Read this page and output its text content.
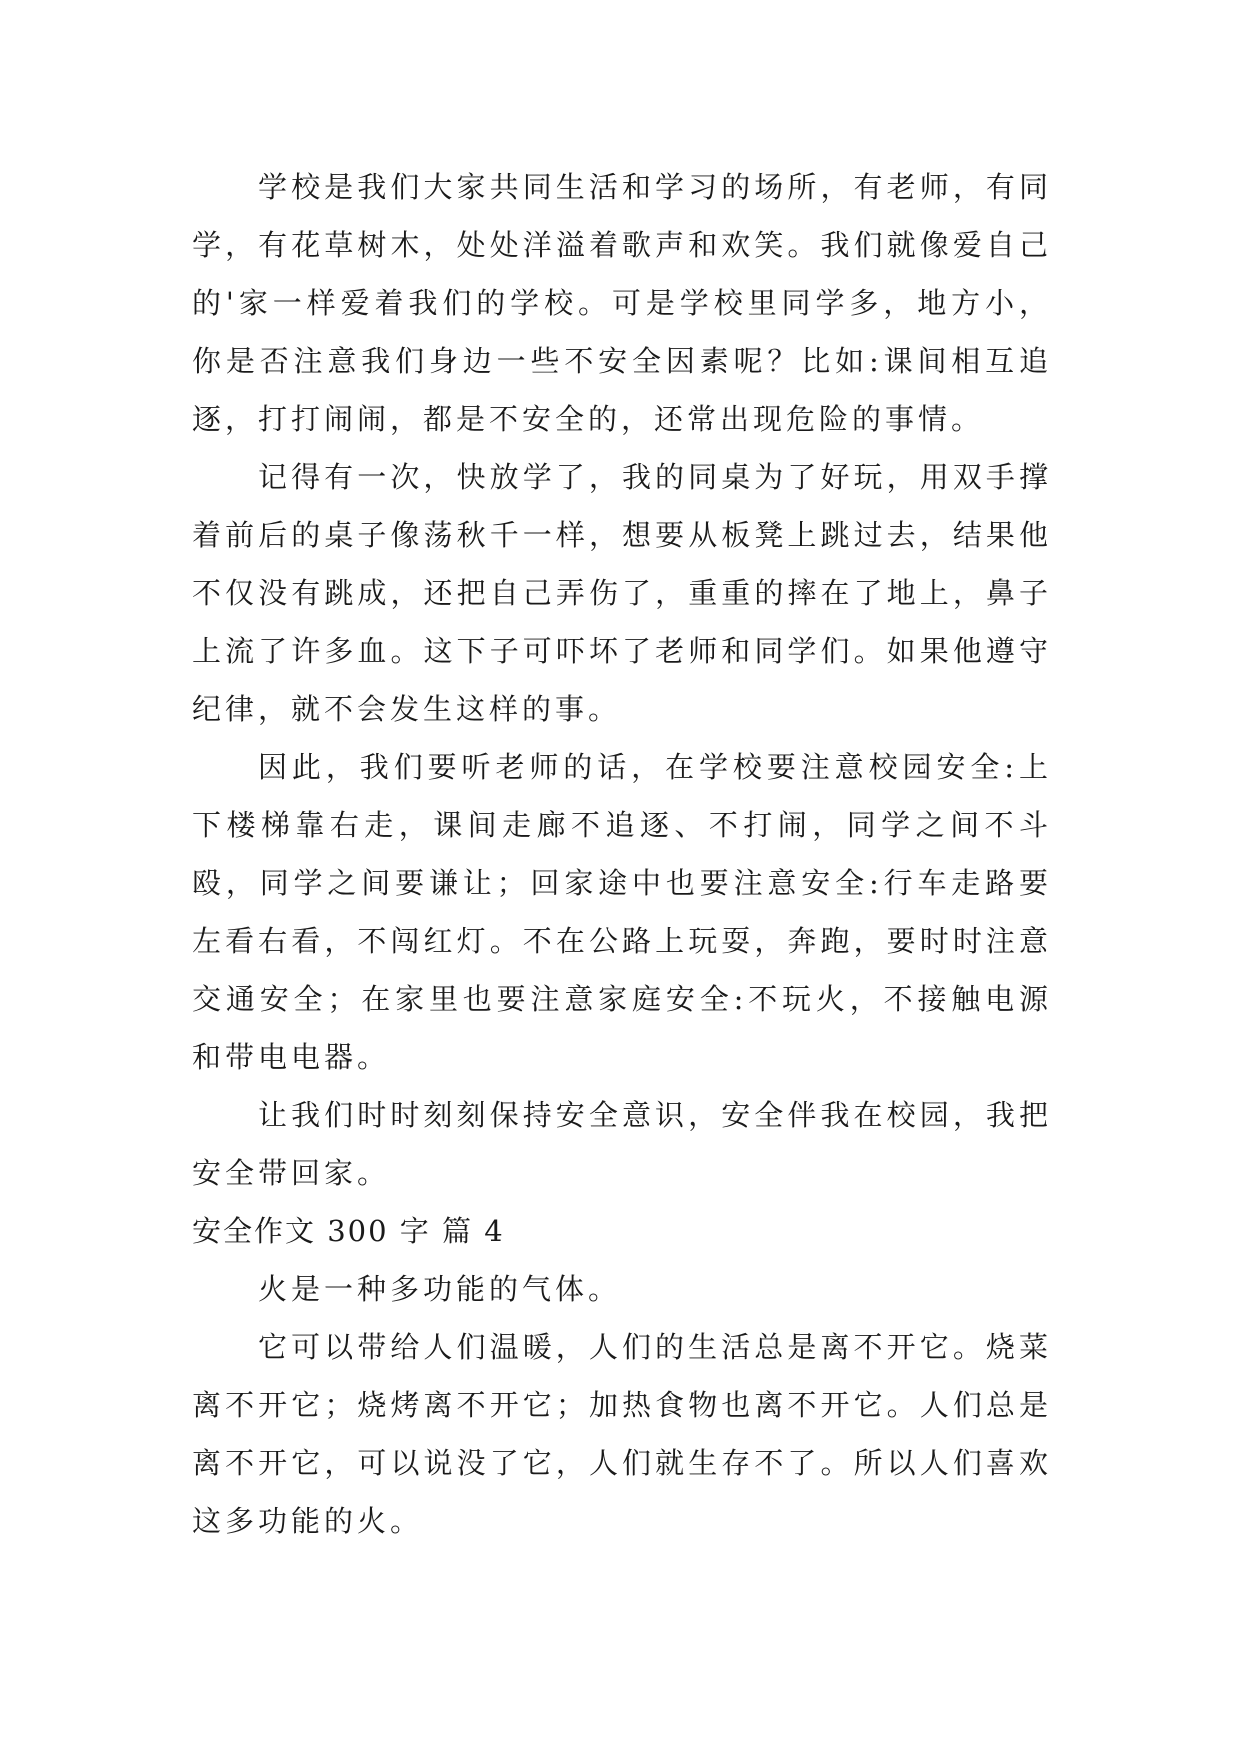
学校是我们大家共同生活和学习的场所，有老师，有同学，有花草树木，处处洋溢着歌声和欢笑。我们就像爱自己的'家一样爱着我们的学校。可是学校里同学多，地方小，你是否注意我们身边一些不安全因素呢？比如:课间相互追逐，打打闹闹，都是不安全的，还常出现危险的事情。

记得有一次，快放学了，我的同桌为了好玩，用双手撑着前后的桌子像荡秋千一样，想要从板凳上跳过去，结果他不仅没有跳成，还把自己弄伤了，重重的摔在了地上，鼻子上流了许多血。这下子可吓坏了老师和同学们。如果他遵守纪律，就不会发生这样的事。

因此，我们要听老师的话，在学校要注意校园安全:上下楼梯靠右走，课间走廊不追逐、不打闹，同学之间不斗殴，同学之间要谦让；回家途中也要注意安全:行车走路要左看右看，不闯红灯。不在公路上玩耍，奔跑，要时时注意交通安全；在家里也要注意家庭安全:不玩火，不接触电源和带电电器。

让我们时时刻刻保持安全意识，安全伴我在校园，我把安全带回家。

安全作文 300 字 篇 4

火是一种多功能的气体。

它可以带给人们温暖，人们的生活总是离不开它。烧菜离不开它；烧烤离不开它；加热食物也离不开它。人们总是离不开它，可以说没了它，人们就生存不了。所以人们喜欢这多功能的火。
